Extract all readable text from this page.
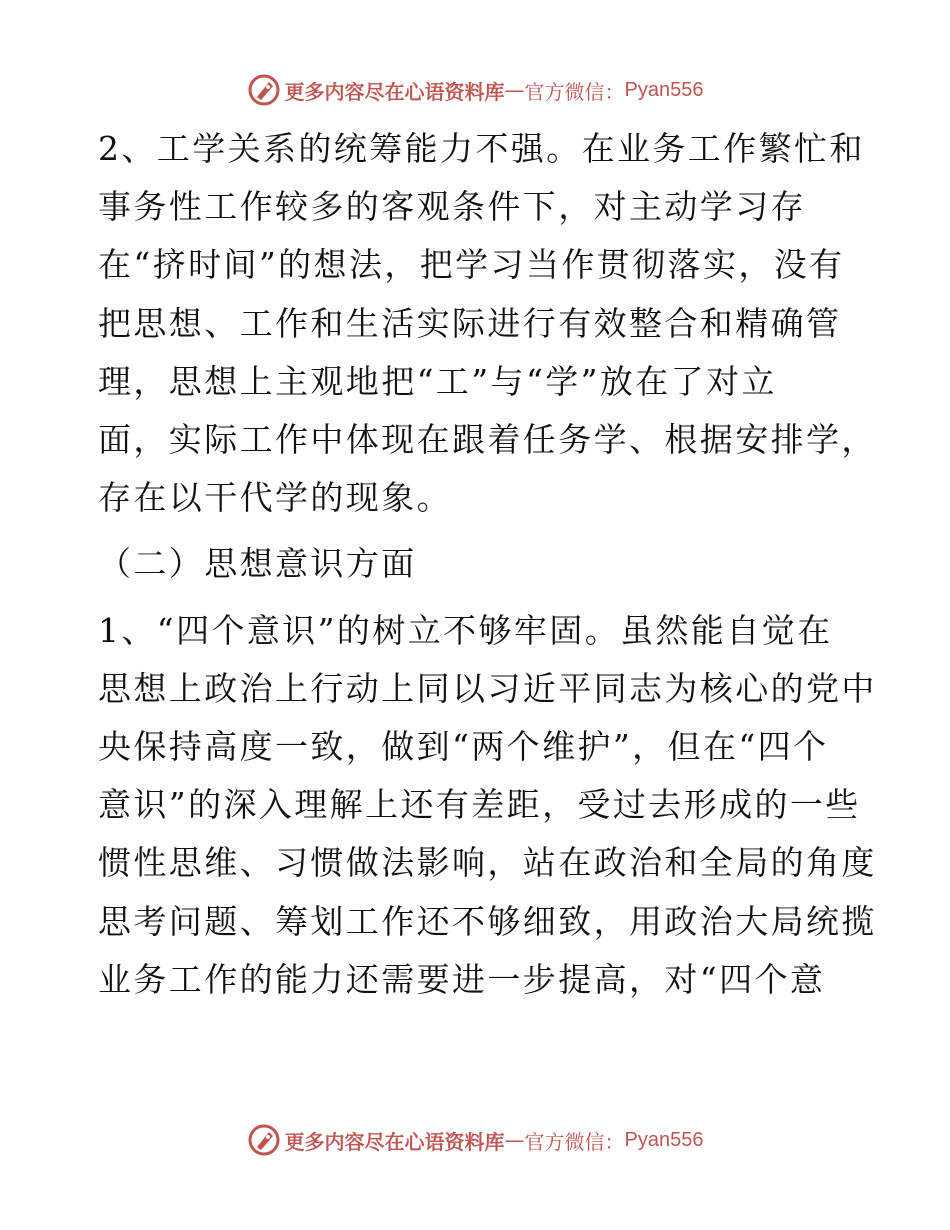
更多内容尽在心语资料库 — 官方微信： Pyan556

2、工学关系的统筹能力不强。在业务工作繁忙和
事务性工作较多的客观条件下，对主动学习存
在“挤时间”的想法，把学习当作贯彻落实，没有
把思想、工作和生活实际进行有效整合和精确管
理，思想上主观地把“工”与“学”放在了对立
面，实际工作中体现在跟着任务学、根据安排学，
存在以干代学的现象。

（二）思想意识方面

1、“四个意识”的树立不够牢固。虽然能自觉在
思想上政治上行动上同以习近平同志为核心的党中
央保持高度一致，做到“两个维护”，但在“四个
意识”的深入理解上还有差距，受过去形成的一些
惯性思维、习惯做法影响，站在政治和全局的角度
思考问题、筹划工作还不够细致，用政治大局统揽
业务工作的能力还需要进一步提高，对“四个意

更多内容尽在心语资料库 — 官方微信： Pyan556
